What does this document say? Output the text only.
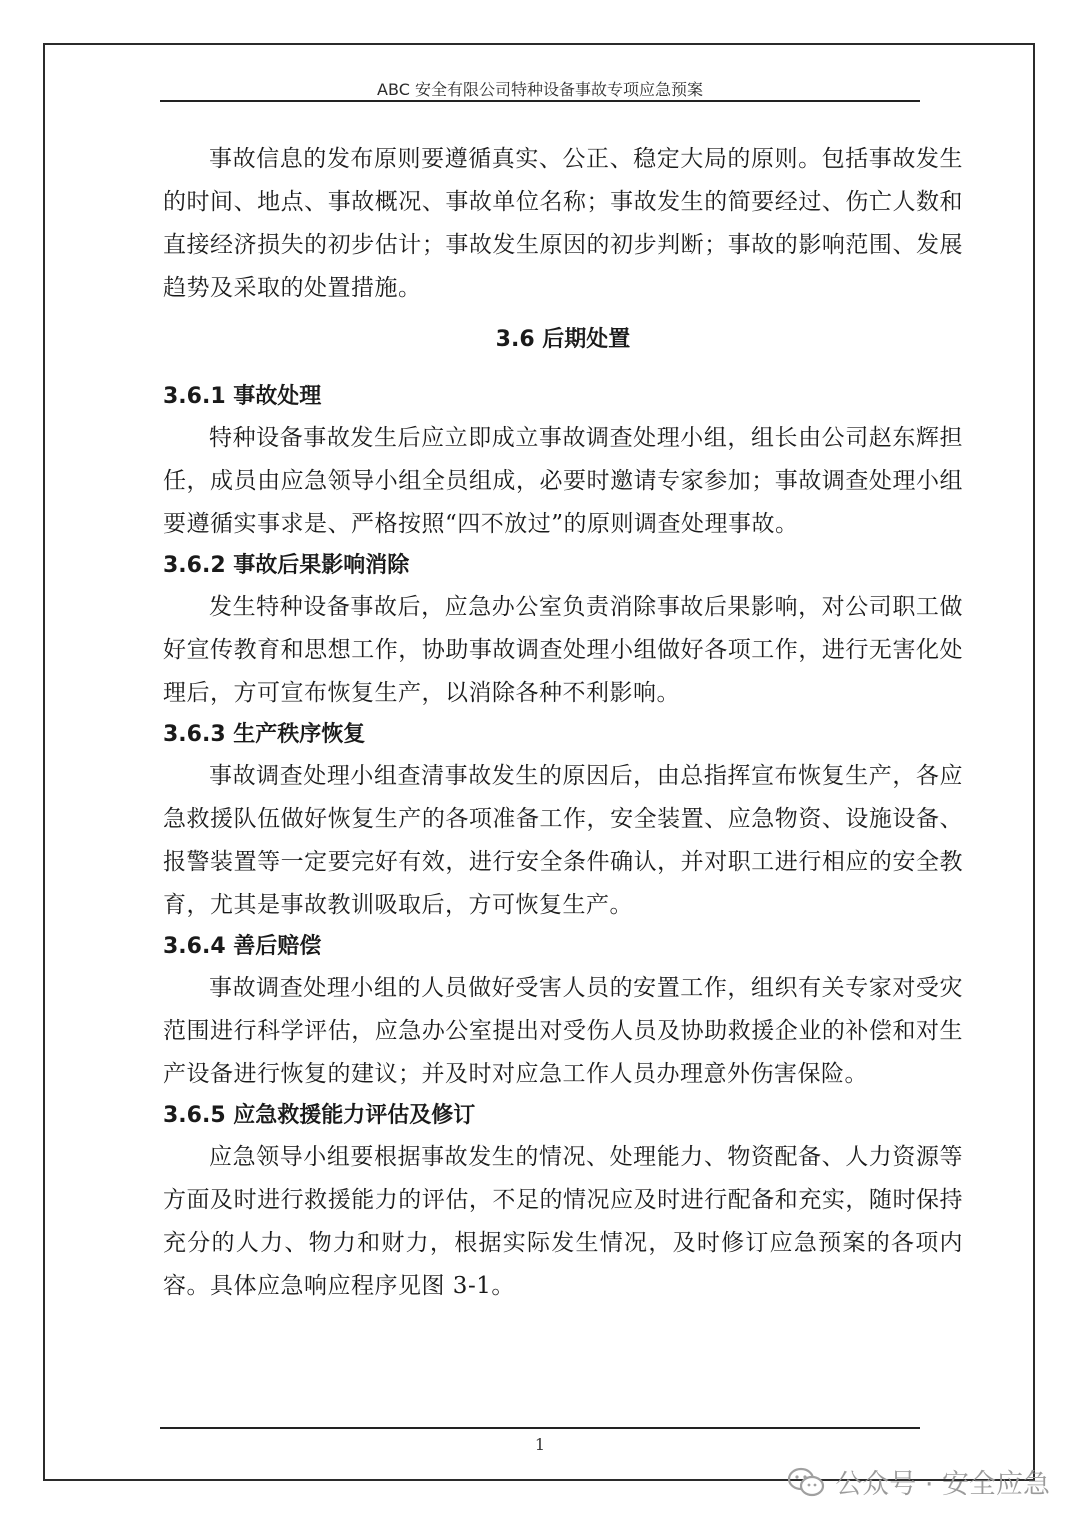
ABC 安全有限公司特种设备事故专项应急预案

事故信息的发布原则要遵循真实、公正、稳定大局的原则。包括事故发生的时间、地点、事故概况、事故单位名称；事故发生的简要经过、伤亡人数和直接经济损失的初步估计；事故发生原因的初步判断；事故的影响范围、发展趋势及采取的处置措施。

3.6 后期处置

3.6.1 事故处理

特种设备事故发生后应立即成立事故调查处理小组，组长由公司赵东辉担任，成员由应急领导小组全员组成，必要时邀请专家参加；事故调查处理小组要遵循实事求是、严格按照“四不放过”的原则调查处理事故。

3.6.2 事故后果影响消除

发生特种设备事故后，应急办公室负责消除事故后果影响，对公司职工做好宣传教育和思想工作，协助事故调查处理小组做好各项工作，进行无害化处理后，方可宣布恢复生产，以消除各种不利影响。

3.6.3 生产秩序恢复

事故调查处理小组查清事故发生的原因后，由总指挥宣布恢复生产，各应急救援队伍做好恢复生产的各项准备工作，安全装置、应急物资、设施设备、报警装置等一定要完好有效，进行安全条件确认，并对职工进行相应的安全教育，尤其是事故教训吸取后，方可恢复生产。

3.6.4 善后赔偿

事故调查处理小组的人员做好受害人员的安置工作，组织有关专家对受灾范围进行科学评估，应急办公室提出对受伤人员及协助救援企业的补偿和对生产设备进行恢复的建议；并及时对应急工作人员办理意外伤害保险。

3.6.5 应急救援能力评估及修订

应急领导小组要根据事故发生的情况、处理能力、物资配备、人力资源等方面及时进行救援能力的评估，不足的情况应及时进行配备和充实，随时保持充分的人力、物力和财力，根据实际发生情况，及时修订应急预案的各项内容。具体应急响应程序见图 3-1。

1
公众号 · 安全应急
